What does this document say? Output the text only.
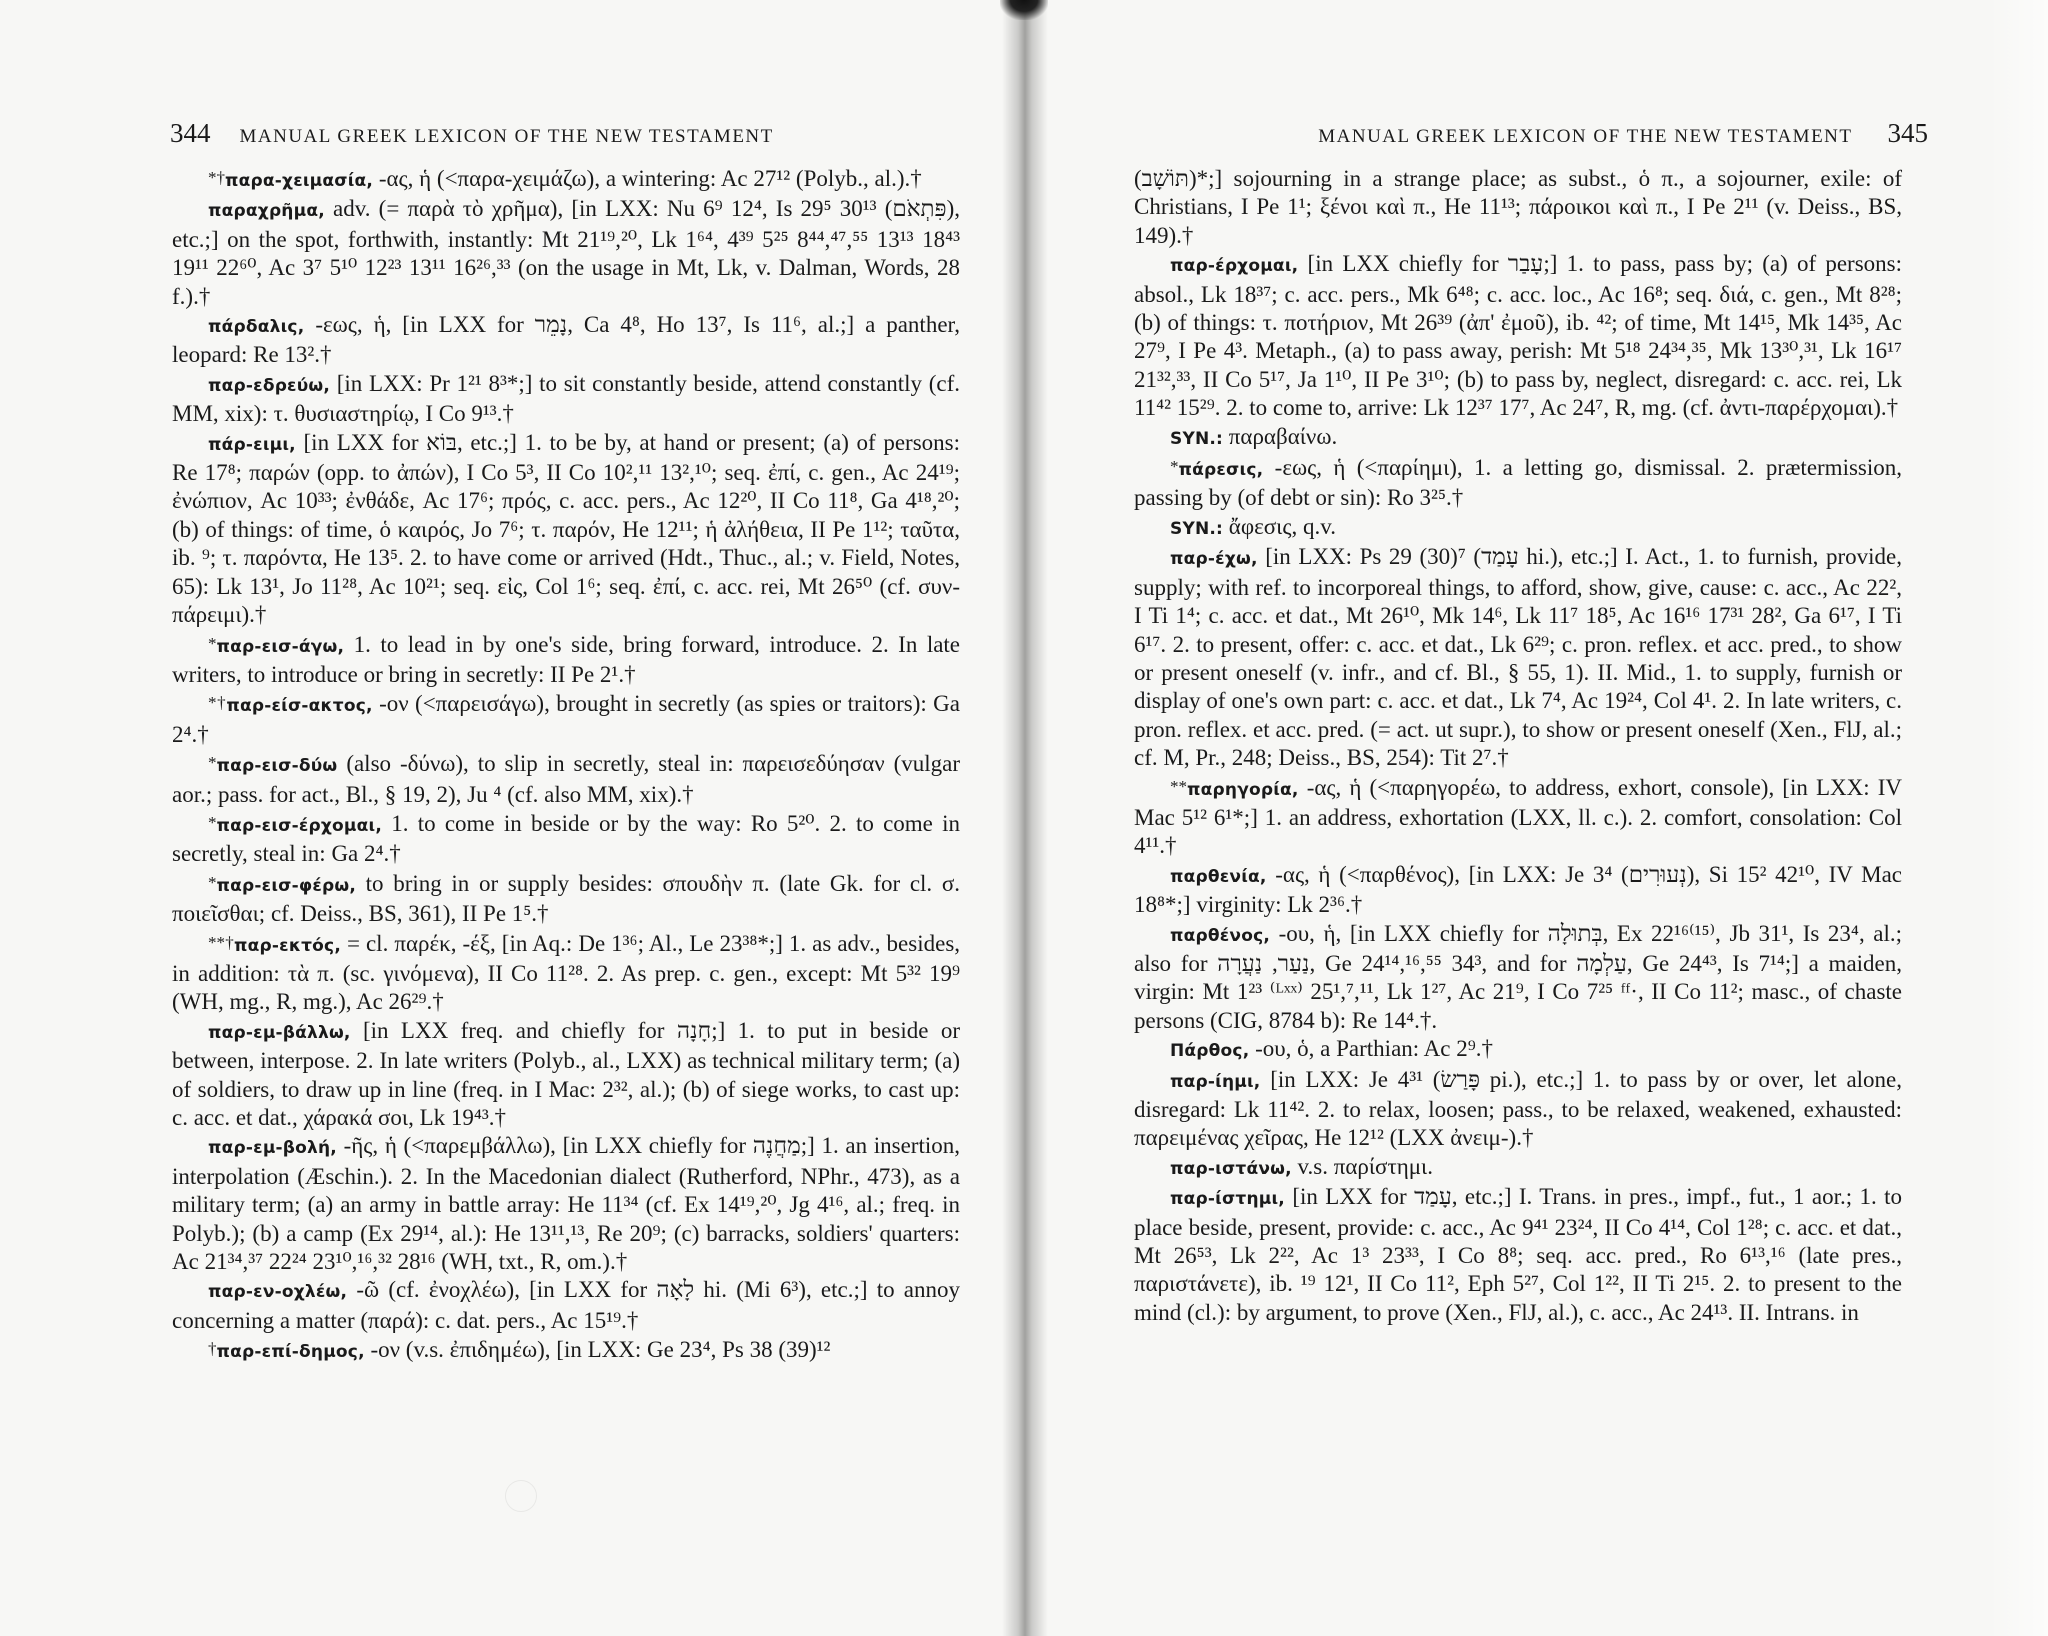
344 MANUAL GREEK LEXICON OF THE NEW TESTAMENT

*†παρα-χειμασία, -ας, ἡ (<παρα-χειμάζω), a wintering: Ac 27¹² (Polyb., al.).†

παραχρῆμα, adv. (= παρὰ τὸ χρῆμα), [in LXX: Nu 6⁹ 12⁴, Is 29⁵ 30¹³ (פִּתְאֹם), etc.;] on the spot, forthwith, instantly: Mt 21¹⁹,²⁰, Lk 1⁶⁴, 4³⁹ 5²⁵ 8⁴⁴,⁴⁷,⁵⁵ 13¹³ 18⁴³ 19¹¹ 22⁶⁰, Ac 3⁷ 5¹⁰ 12²³ 13¹¹ 16²⁶,³³ (on the usage in Mt, Lk, v. Dalman, Words, 28 f.).†

πάρδαλις, -εως, ἡ, [in LXX for נָמֵר, Ca 4⁸, Ho 13⁷, Is 11⁶, al.;] a panther, leopard: Re 13².†

παρ-εδρεύω, [in LXX: Pr 1²¹ 8³*;] to sit constantly beside, attend constantly (cf. MM, xix): τ. θυσιαστηρίῳ, I Co 9¹³.†

πάρ-ειμι, [in LXX for בּוֹא, etc.;] 1. to be by, at hand or present; (a) of persons: Re 17⁸; παρών (opp. to ἀπών), I Co 5³, II Co 10²,¹¹ 13²,¹⁰; seq. ἐπί, c. gen., Ac 24¹⁹; ἐνώπιον, Ac 10³³; ἐνθάδε, Ac 17⁶; πρός, c. acc. pers., Ac 12²⁰, II Co 11⁸, Ga 4¹⁸,²⁰; (b) of things: of time, ὁ καιρός, Jo 7⁶; τ. παρόν, He 12¹¹; ἡ ἀλήθεια, II Pe 1¹²; ταῦτα, ib. ⁹; τ. παρόντα, He 13⁵. 2. to have come or arrived (Hdt., Thuc., al.; v. Field, Notes, 65): Lk 13¹, Jo 11²⁸, Ac 10²¹; seq. εἰς, Col 1⁶; seq. ἐπί, c. acc. rei, Mt 26⁵⁰ (cf. συν-πάρειμι).†

*παρ-εισ-άγω, 1. to lead in by one's side, bring forward, introduce. 2. In late writers, to introduce or bring in secretly: II Pe 2¹.†

*†παρ-είσ-ακτος, -ον (<παρεισάγω), brought in secretly (as spies or traitors): Ga 2⁴.†

*παρ-εισ-δύω (also -δύνω), to slip in secretly, steal in: παρεισεδύησαν (vulgar aor.; pass. for act., Bl., § 19, 2), Ju ⁴ (cf. also MM, xix).†

*παρ-εισ-έρχομαι, 1. to come in beside or by the way: Ro 5²⁰. 2. to come in secretly, steal in: Ga 2⁴.†

*παρ-εισ-φέρω, to bring in or supply besides: σπουδὴν π. (late Gk. for cl. σ. ποιεῖσθαι; cf. Deiss., BS, 361), II Pe 1⁵.†

**†παρ-εκτός, = cl. παρέκ, -έξ, [in Aq.: De 1³⁶; Al., Le 23³⁸*;] 1. as adv., besides, in addition: τὰ π. (sc. γινόμενα), II Co 11²⁸. 2. As prep. c. gen., except: Mt 5³² 19⁹ (WH, mg., R, mg.), Ac 26²⁹.†

παρ-εμ-βάλλω, [in LXX freq. and chiefly for חָנָה;] 1. to put in beside or between, interpose. 2. In late writers (Polyb., al., LXX) as technical military term; (a) of soldiers, to draw up in line (freq. in I Mac: 2³², al.); (b) of siege works, to cast up: c. acc. et dat., χάρακά σοι, Lk 19⁴³.†

παρ-εμ-βολή, -ῆς, ἡ (<παρεμβάλλω), [in LXX chiefly for מַחֲנֶה;] 1. an insertion, interpolation (Æschin.). 2. In the Macedonian dialect (Rutherford, NPhr., 473), as a military term; (a) an army in battle array: He 11³⁴ (cf. Ex 14¹⁹,²⁰, Jg 4¹⁶, al.; freq. in Polyb.); (b) a camp (Ex 29¹⁴, al.): He 13¹¹,¹³, Re 20⁹; (c) barracks, soldiers' quarters: Ac 21³⁴,³⁷ 22²⁴ 23¹⁰,¹⁶,³² 28¹⁶ (WH, txt., R, om.).†

παρ-εν-οχλέω, -ῶ (cf. ἐνοχλέω), [in LXX for לָאָה hi. (Mi 6³), etc.;] to annoy concerning a matter (παρά): c. dat. pers., Ac 15¹⁹.†

†παρ-επί-δημος, -ον (v.s. ἐπιδημέω), [in LXX: Ge 23⁴, Ps 38 (39)¹²

MANUAL GREEK LEXICON OF THE NEW TESTAMENT 345

(תּוֹשָׁב)*;] sojourning in a strange place; as subst., ὁ π., a sojourner, exile: of Christians, I Pe 1¹; ξένοι καὶ π., He 11¹³; πάροικοι καὶ π., I Pe 2¹¹ (v. Deiss., BS, 149).†

παρ-έρχομαι, [in LXX chiefly for עָבַר;] 1. to pass, pass by; (a) of persons: absol., Lk 18³⁷; c. acc. pers., Mk 6⁴⁸; c. acc. loc., Ac 16⁸; seq. διά, c. gen., Mt 8²⁸; (b) of things: τ. ποτήριον, Mt 26³⁹ (ἀπ' ἐμοῦ), ib. ⁴²; of time, Mt 14¹⁵, Mk 14³⁵, Ac 27⁹, I Pe 4³. Metaph., (a) to pass away, perish: Mt 5¹⁸ 24³⁴,³⁵, Mk 13³⁰,³¹, Lk 16¹⁷ 21³²,³³, II Co 5¹⁷, Ja 1¹⁰, II Pe 3¹⁰; (b) to pass by, neglect, disregard: c. acc. rei, Lk 11⁴² 15²⁹. 2. to come to, arrive: Lk 12³⁷ 17⁷, Ac 24⁷, R, mg. (cf. ἀντι-παρέρχομαι).†

SYN.: παραβαίνω.

*πάρεσις, -εως, ἡ (<παρίημι), 1. a letting go, dismissal. 2. prætermission, passing by (of debt or sin): Ro 3²⁵.†

SYN.: ἄφεσις, q.v.

παρ-έχω, [in LXX: Ps 29 (30)⁷ (עָמַד hi.), etc.;] I. Act., 1. to furnish, provide, supply; with ref. to incorporeal things, to afford, show, give, cause: c. acc., Ac 22², I Ti 1⁴; c. acc. et dat., Mt 26¹⁰, Mk 14⁶, Lk 11⁷ 18⁵, Ac 16¹⁶ 17³¹ 28², Ga 6¹⁷, I Ti 6¹⁷. 2. to present, offer: c. acc. et dat., Lk 6²⁹; c. pron. reflex. et acc. pred., to show or present oneself (v. infr., and cf. Bl., § 55, 1). II. Mid., 1. to supply, furnish or display of one's own part: c. acc. et dat., Lk 7⁴, Ac 19²⁴, Col 4¹. 2. In late writers, c. pron. reflex. et acc. pred. (= act. ut supr.), to show or present oneself (Xen., FlJ, al.; cf. M, Pr., 248; Deiss., BS, 254): Tit 2⁷.†

**παρηγορία, -ας, ἡ (<παρηγορέω, to address, exhort, console), [in LXX: IV Mac 5¹² 6¹*;] 1. an address, exhortation (LXX, ll. c.). 2. comfort, consolation: Col 4¹¹.†

παρθενία, -ας, ἡ (<παρθένος), [in LXX: Je 3⁴ (נְעוּרִים), Si 15² 42¹⁰, IV Mac 18⁸*;] virginity: Lk 2³⁶.†

παρθένος, -ου, ἡ, [in LXX chiefly for בְּתוּלָה, Ex 22¹⁶⁽¹⁵⁾, Jb 31¹, Is 23⁴, al.; also for נַעַר, נַעֲרָה, Ge 24¹⁴,¹⁶,⁵⁵ 34³, and for עַלְמָה, Ge 24⁴³, Is 7¹⁴;] a maiden, virgin: Mt 1²³ ⁽ᴸˣˣ⁾ 25¹,⁷,¹¹, Lk 1²⁷, Ac 21⁹, I Co 7²⁵ ᶠᶠ·, II Co 11²; masc., of chaste persons (CIG, 8784 b): Re 14⁴.†.

Πάρθος, -ου, ὁ, a Parthian: Ac 2⁹.†

παρ-ίημι, [in LXX: Je 4³¹ (פָּרַשׂ pi.), etc.;] 1. to pass by or over, let alone, disregard: Lk 11⁴². 2. to relax, loosen; pass., to be relaxed, weakened, exhausted: παρειμένας χεῖρας, He 12¹² (LXX ἀνειμ-).†

παρ-ιστάνω, v.s. παρίστημι.

παρ-ίστημι, [in LXX for עָמַד, etc.;] I. Trans. in pres., impf., fut., 1 aor.; 1. to place beside, present, provide: c. acc., Ac 9⁴¹ 23²⁴, II Co 4¹⁴, Col 1²⁸; c. acc. et dat., Mt 26⁵³, Lk 2²², Ac 1³ 23³³, I Co 8⁸; seq. acc. pred., Ro 6¹³,¹⁶ (late pres., παριστάνετε), ib. ¹⁹ 12¹, II Co 11², Eph 5²⁷, Col 1²², II Ti 2¹⁵. 2. to present to the mind (cl.): by argument, to prove (Xen., FlJ, al.), c. acc., Ac 24¹³. II. Intrans. in
